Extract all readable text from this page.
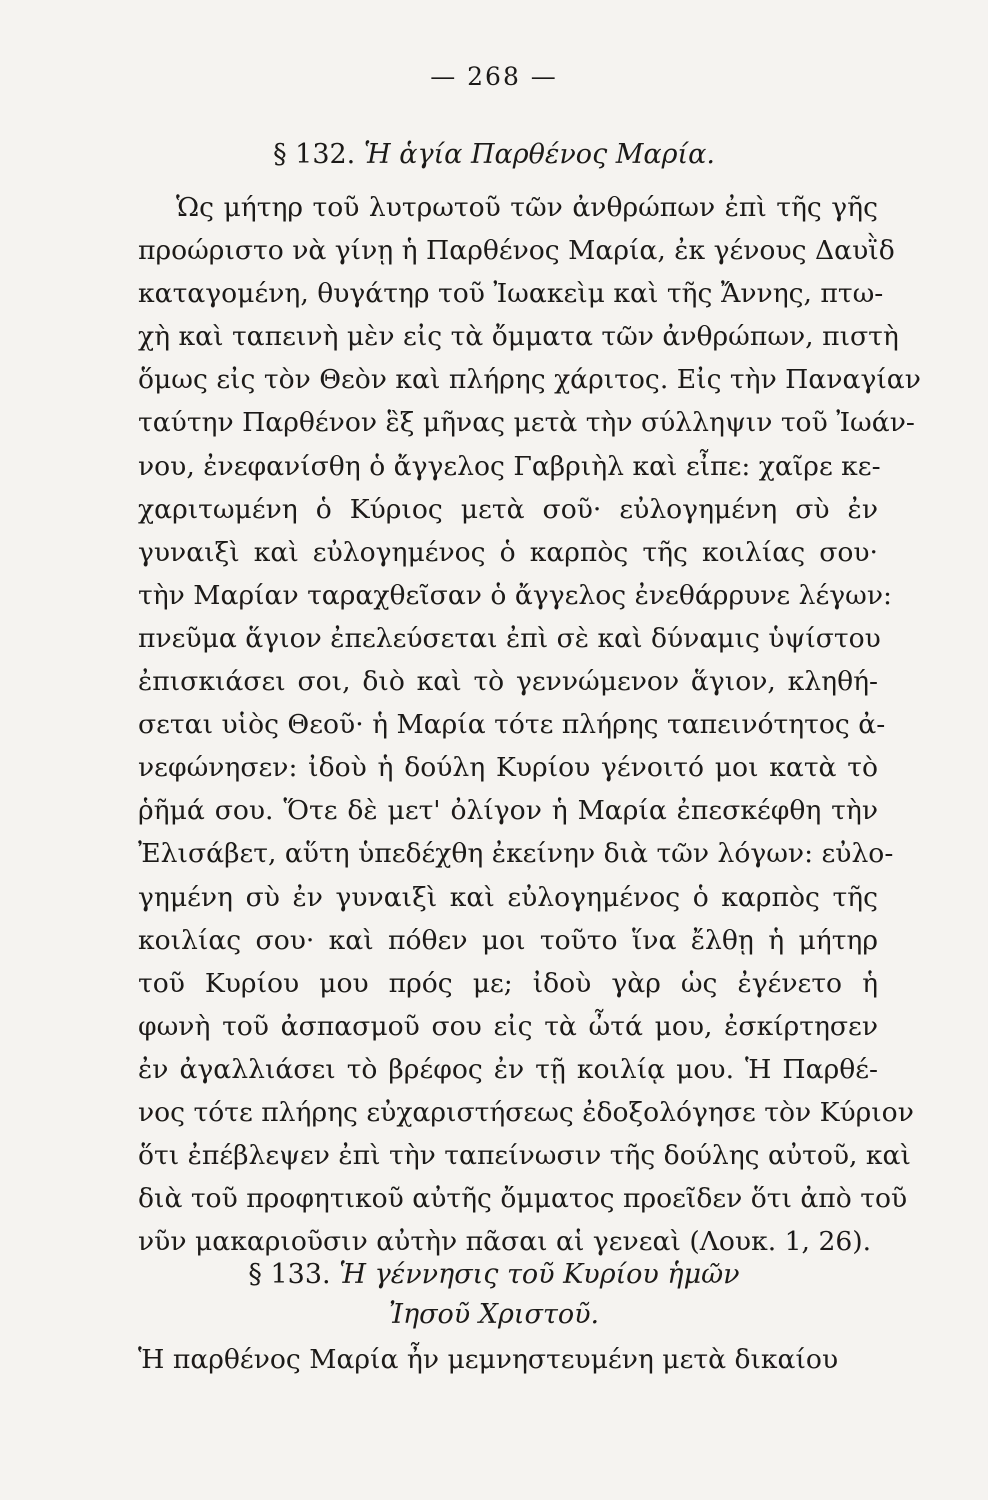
— 268 —
§ 132. Ἡ ἁγία Παρθένος Μαρία.
Ὡς μήτηρ τοῦ λυτρωτοῦ τῶν ἀνθρώπων ἐπὶ τῆς γῆς
προώριστο νὰ γίνῃ ἡ Παρθένος Μαρία, ἐκ γένους Δαυῒδ
καταγομένη, θυγάτηρ τοῦ Ἰωακεὶμ καὶ τῆς Ἄννης, πτω-
χὴ καὶ ταπεινὴ μὲν εἰς τὰ ὄμματα τῶν ἀνθρώπων, πιστὴ
ὅμως εἰς τὸν Θεὸν καὶ πλήρης χάριτος. Εἰς τὴν Παναγίαν
ταύτην Παρθένον ἓξ μῆνας μετὰ τὴν σύλληψιν τοῦ Ἰωάν-
νου, ἐνεφανίσθη ὁ ἄγγελος Γαβριὴλ καὶ εἶπε: χαῖρε κε-
χαριτωμένη ὁ Κύριος μετὰ σοῦ· εὐλογημένη σὺ ἐν
γυναιξὶ καὶ εὐλογημένος ὁ καρπὸς τῆς κοιλίας σου·
τὴν Μαρίαν ταραχθεῖσαν ὁ ἄγγελος ἐνεθάρρυνε λέγων:
πνεῦμα ἅγιον ἐπελεύσεται ἐπὶ σὲ καὶ δύναμις ὑψίστου
ἐπισκιάσει σοι, διὸ καὶ τὸ γεννώμενον ἅγιον, κληθή-
σεται υἱὸς Θεοῦ· ἡ Μαρία τότε πλήρης ταπεινότητος ἀ-
νεφώνησεν: ἰδοὺ ἡ δούλη Κυρίου γένοιτό μοι κατὰ τὸ
ῥῆμά σου. Ὅτε δὲ μετ' ὀλίγον ἡ Μαρία ἐπεσκέφθη τὴν
Ἐλισάβετ, αὕτη ὑπεδέχθη ἐκείνην διὰ τῶν λόγων: εὐλο-
γημένη σὺ ἐν γυναιξὶ καὶ εὐλογημένος ὁ καρπὸς τῆς
κοιλίας σου· καὶ πόθεν μοι τοῦτο ἵνα ἔλθῃ ἡ μήτηρ
τοῦ Κυρίου μου πρός με; ἰδοὺ γὰρ ὡς ἐγένετο ἡ
φωνὴ τοῦ ἀσπασμοῦ σου εἰς τὰ ὦτά μου, ἐσκίρτησεν
ἐν ἀγαλλιάσει τὸ βρέφος ἐν τῇ κοιλίᾳ μου. Ἡ Παρθέ-
νος τότε πλήρης εὐχαριστήσεως ἐδοξολόγησε τὸν Κύριον
ὅτι ἐπέβλεψεν ἐπὶ τὴν ταπείνωσιν τῆς δούλης αὐτοῦ, καὶ
διὰ τοῦ προφητικοῦ αὐτῆς ὄμματος προεῖδεν ὅτι ἀπὸ τοῦ
νῦν μακαριοῦσιν αὐτὴν πᾶσαι αἱ γενεαὶ (Λουκ. 1, 26).
§ 133. Ἡ γέννησις τοῦ Κυρίου ἡμῶν
Ἰησοῦ Χριστοῦ.
Ἡ παρθένος Μαρία ἦν μεμνηστευμένη μετὰ δικαίου
